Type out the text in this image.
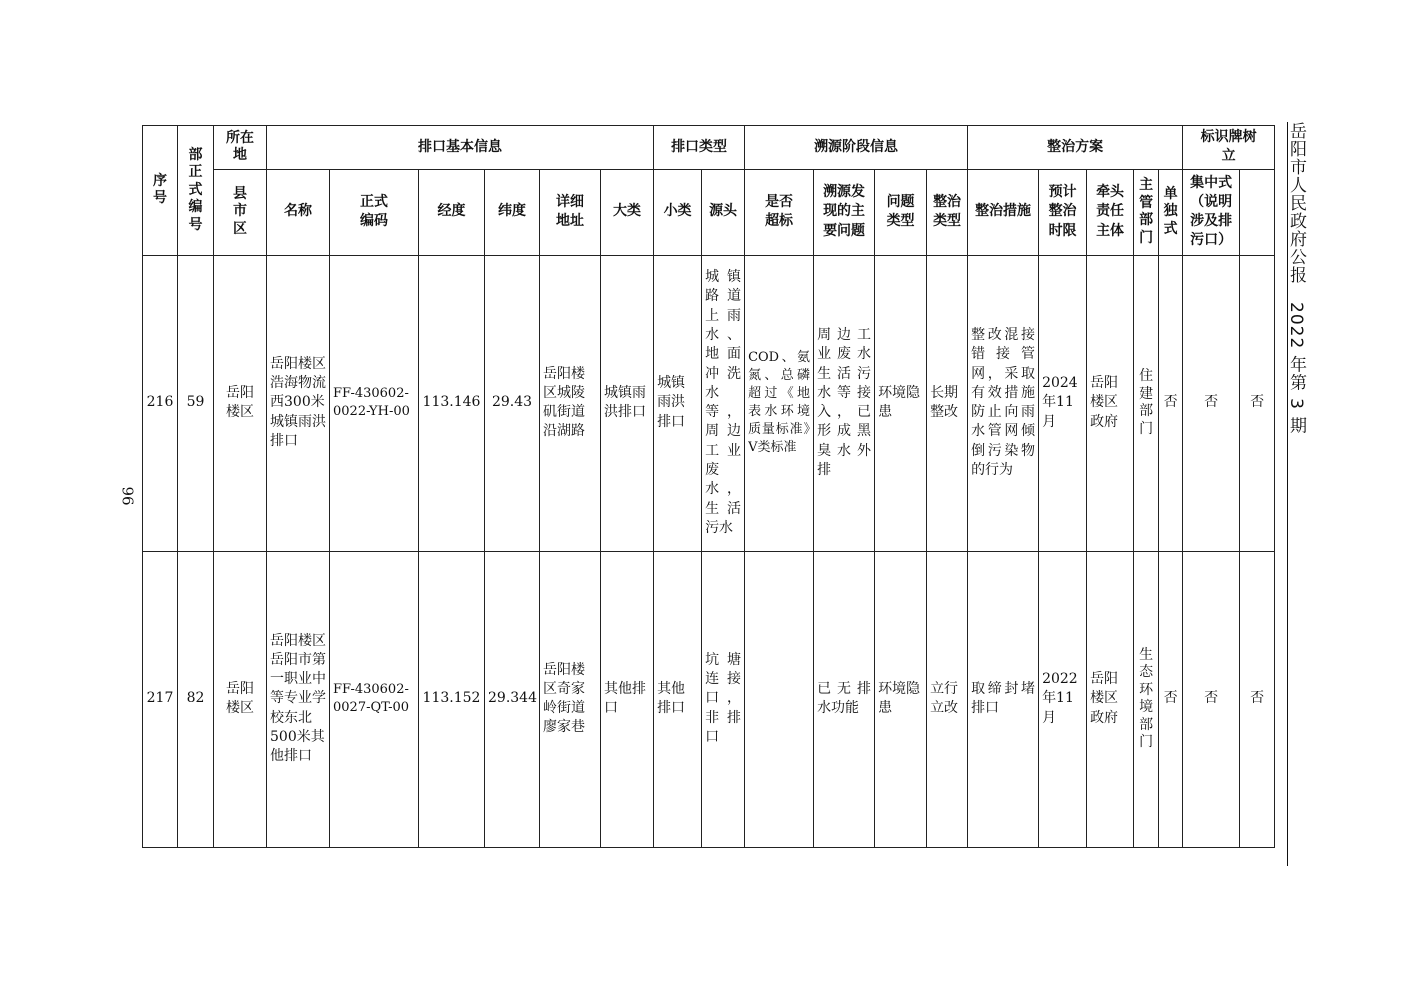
96
岳阳市人民政府公报　2022 年第 3 期
序号	部正式编号	所在地	排口基本信息						排口类型		溯源阶段信息				整治方案					标识牌树立

		县市区	名称	正式编码	经度	纬度	详细地址	大类	小类	源头	是否超标	溯源发现的主要问题	问题类型	整治类型	整治措施	预计整治时限	牵头责任主体	主管部门	单独式	集中式（说明涉及排污口）		

216	59	岳阳楼区	岳阳楼区浩海物流西300米城镇雨洪排口	FF-430602-0022-YH-00	113.146	29.43	岳阳楼区城陵矶街道沿湖路	城镇雨洪排口	城镇雨洪排口	城镇路道上雨水、地面冲洗水等，周边工业废水，生活污水	COD、氨氮、总磷超过《地表水环境质量标准》V类标准	周边工业废水生活污水等接入，已形成黑臭水外排	环境隐患	长期整改	整改混接错接管网，采取有效措施防止向雨水管网倾倒污染物的行为	2024年11月	岳阳楼区政府	住建部门	否	否	否	
217	82	岳阳楼区	岳阳楼区岳阳市第一职业中等专业学校东北500米其他排口	FF-430602-0027-QT-00	113.152	29.344	岳阳楼区奇家岭街道廖家巷	其他排口	其他排口	坑塘连接口，非排口		已无排水功能	环境隐患	立行立改	取缔封堵排口	2022年11月	岳阳楼区政府	生态环境部门	否	否	否	
